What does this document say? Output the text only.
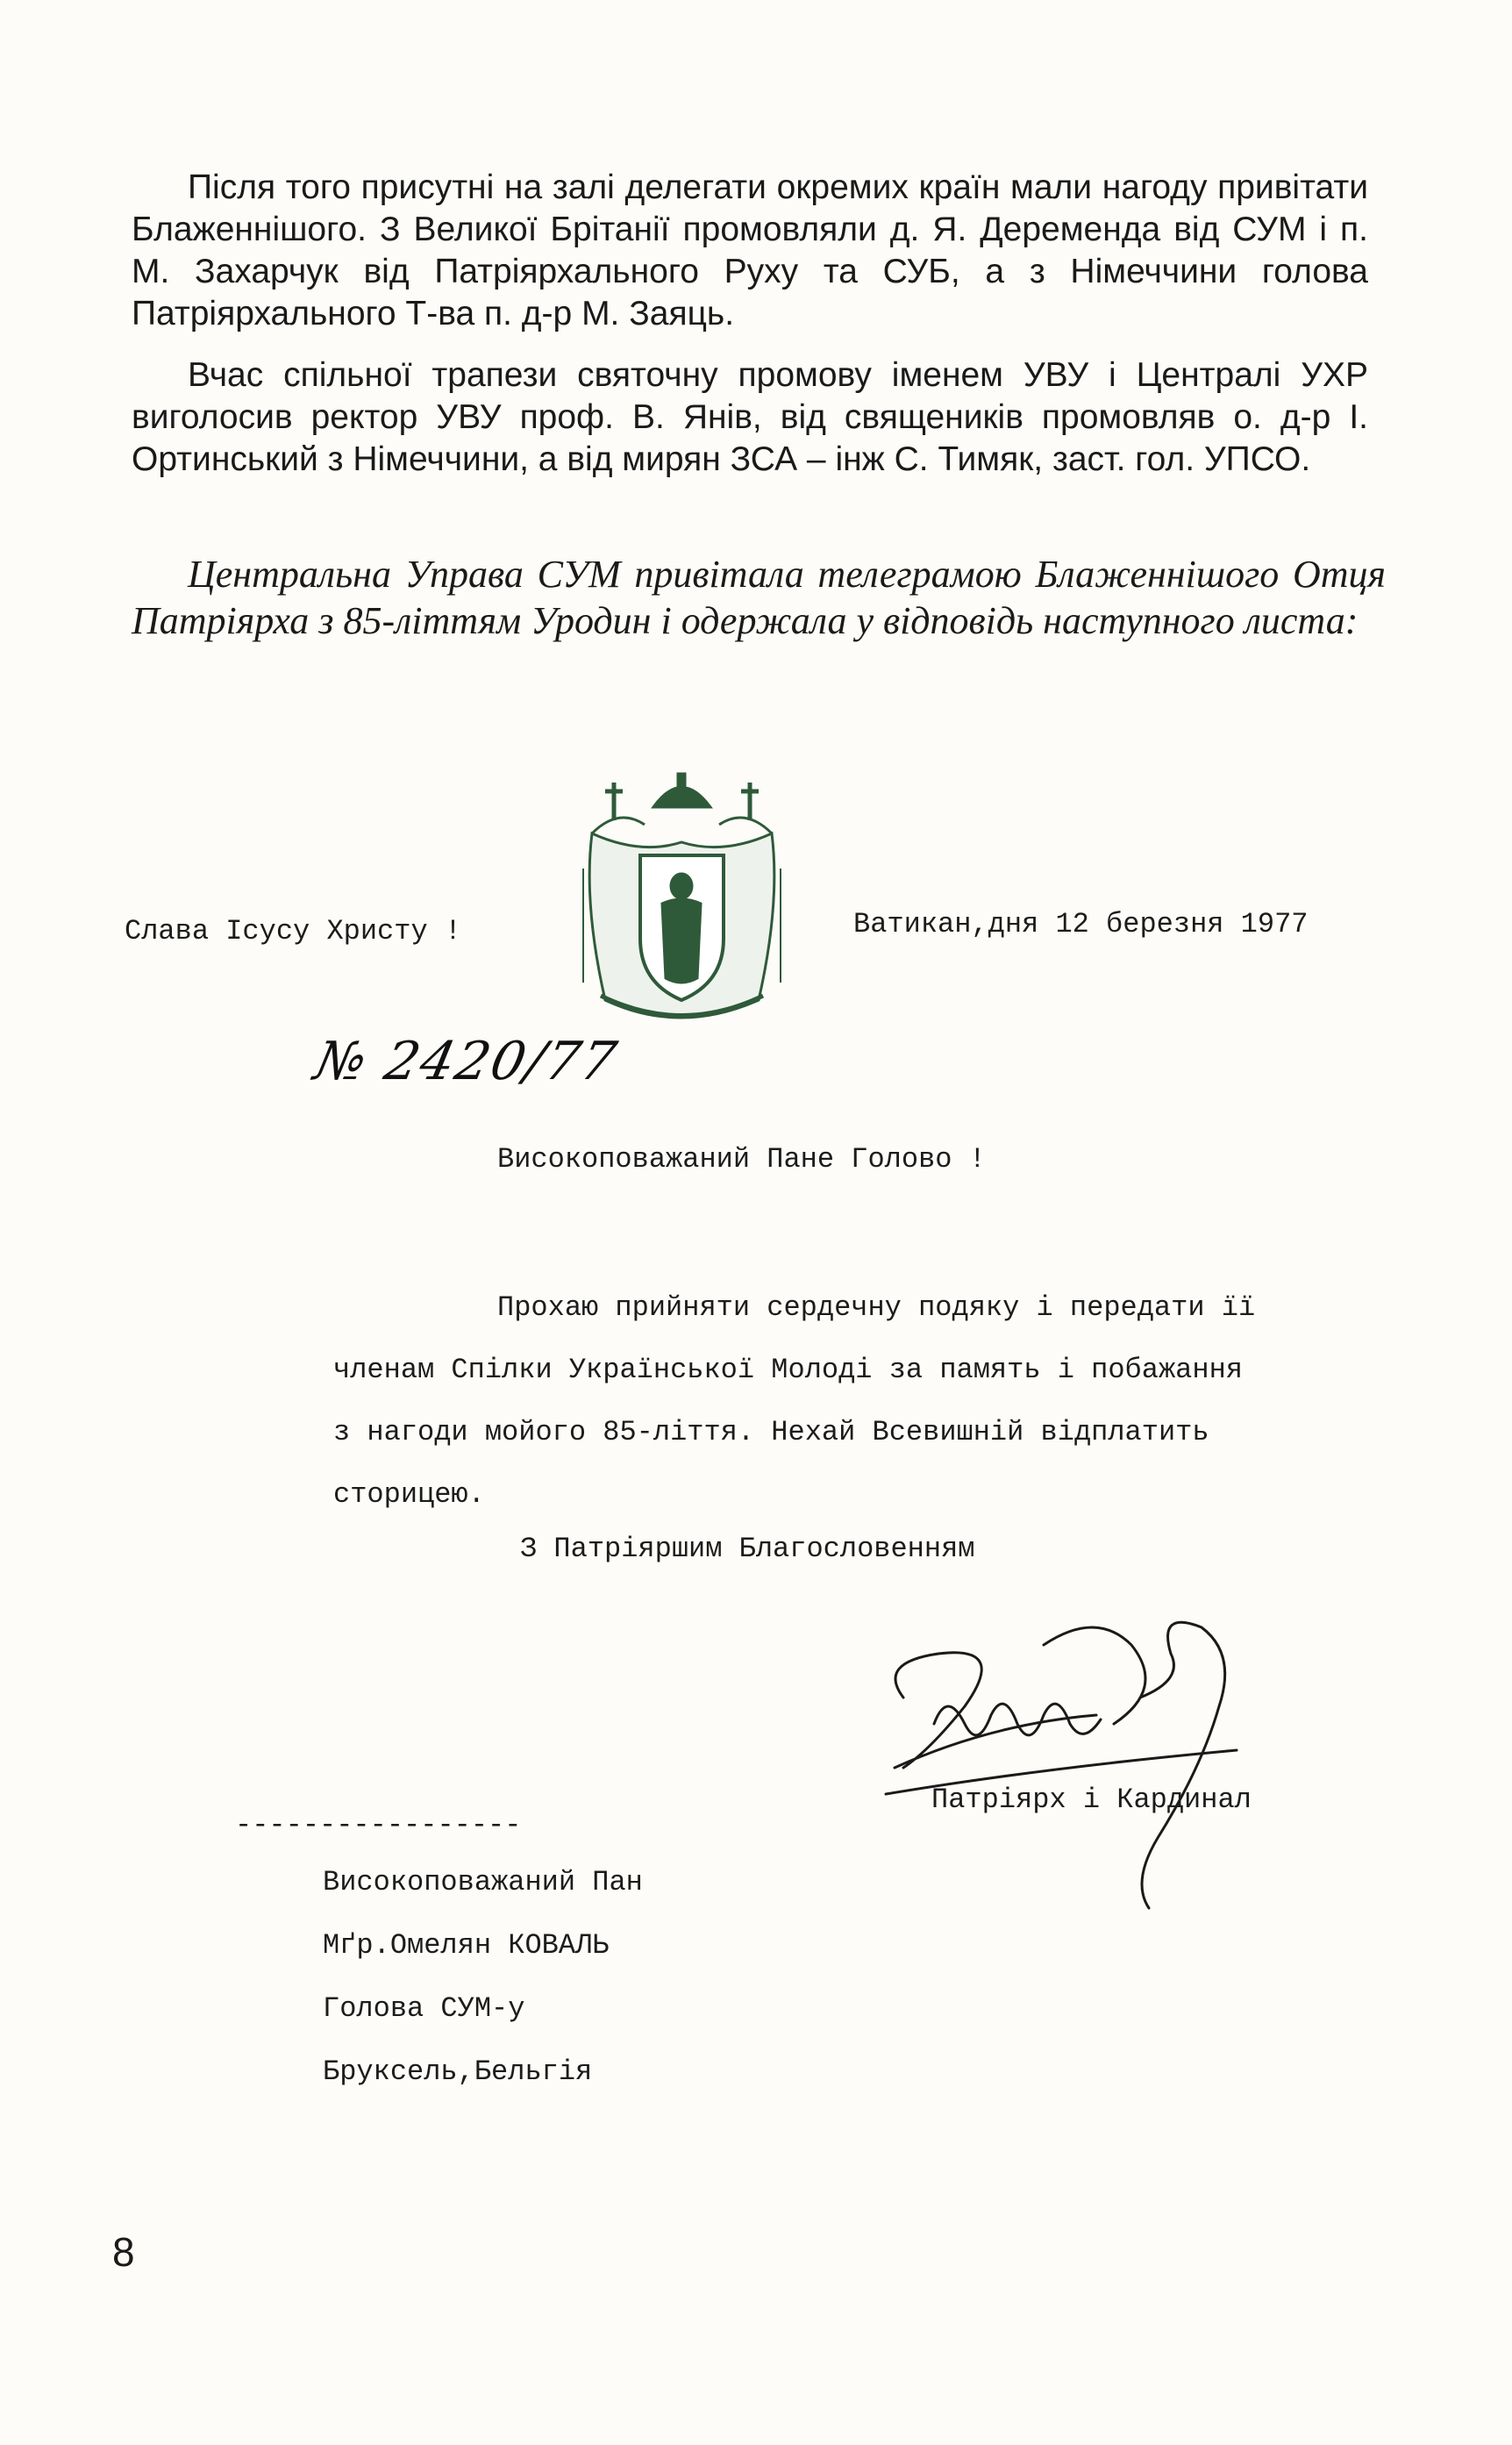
Після того присутні на залі делегати окремих країн мали нагоду привітати Блаженнішого. З Великої Брітанії промовляли д. Я. Деременда від СУМ і п. М. Захарчук від Патріярхального Руху та СУБ, а з Німеччини голова Патріярхального Т-ва п. д-р М. Заяць.

Вчас спільної трапези святочну промову іменем УВУ і Централі УХР виголосив ректор УВУ проф. В. Янів, від священиків промовляв о. д-р І. Ортинський з Німеччини, а від мирян ЗСА – інж С. Тимяк, заст. гол. УПСО.

Центральна Управа СУМ привітала телеграмою Блаженнішого Отця Патріярха з 85-літтям Уродин і одержала у відповідь наступного листа:

Слава Ісусу Христу !	Ватикан,дня 12 березня 1977

№ 2420/77

Високоповажаний Пане Голово !

Прохаю прийняти сердечну подяку і передати її
членам Спілки Української Молоді за память і побажання
з нагоди мойого 85-ліття. Нехай Всевишній відплатить
сторицею.

З Патріяршим Благословенням

Патріярх і Кардинал

-----------------
Високоповажаний Пан
Мґр.Омелян КОВАЛЬ
Голова СУМ-у
Бруксель,Бельгія
8
